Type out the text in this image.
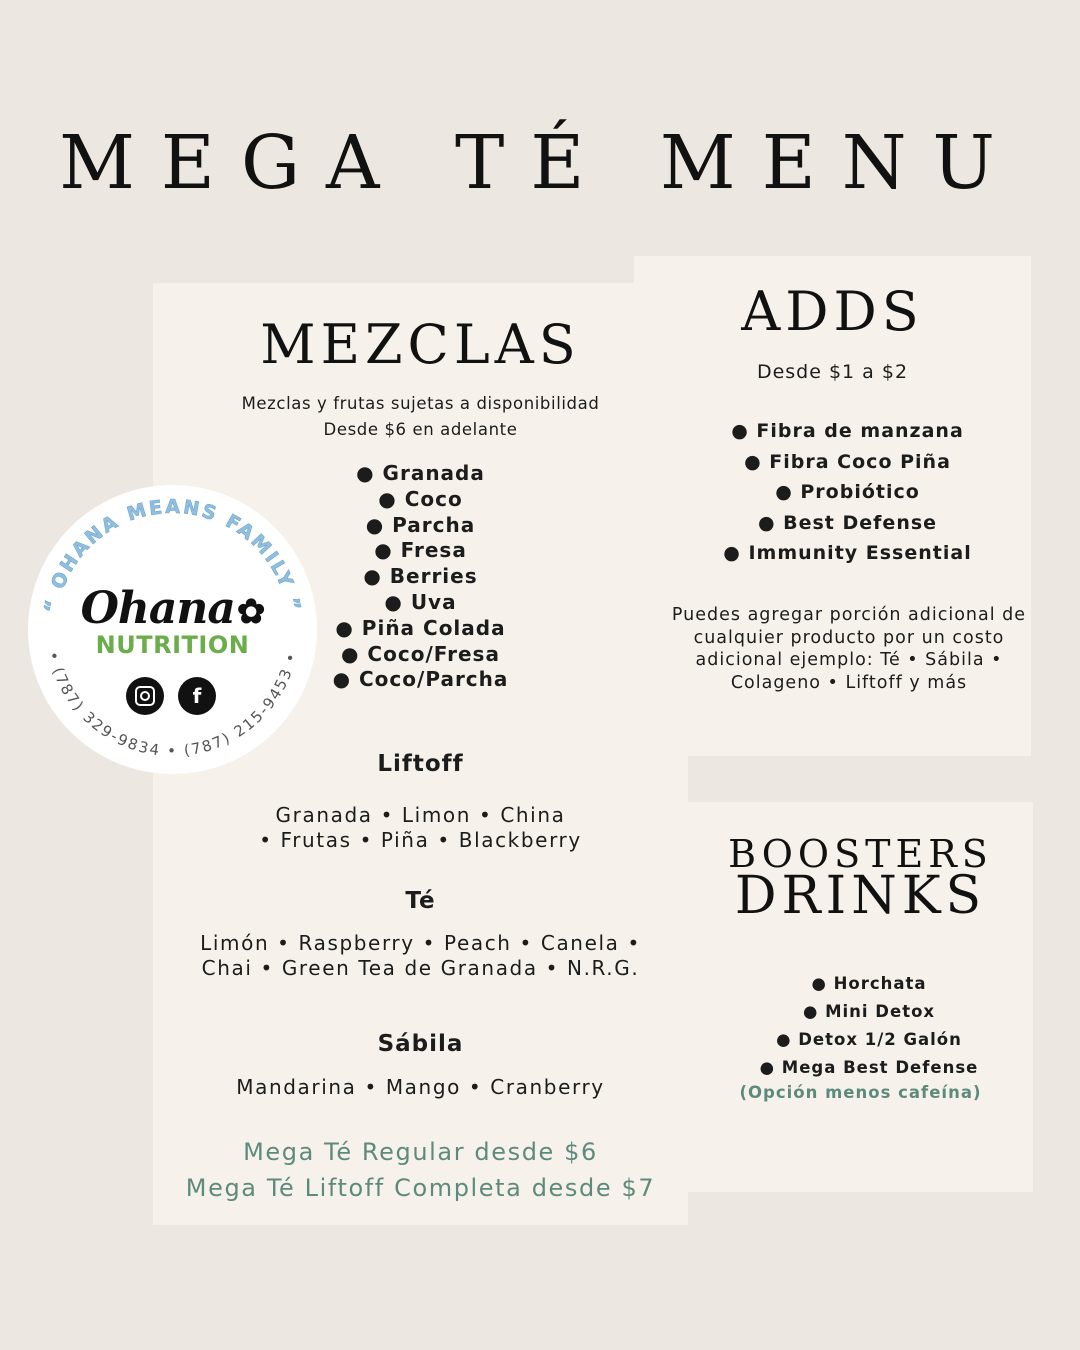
MEGA TÉ MENU
MEZCLAS
Mezclas y frutas sujetas a disponibilidad
Desde $6 en adelante
● Granada
● Coco
● Parcha
● Fresa
● Berries
● Uva
● Piña Colada
● Coco/Fresa
● Coco/Parcha
Liftoff
Granada • Limon • China
• Frutas • Piña • Blackberry
Té
Limón • Raspberry • Peach • Canela • Chai • Green Tea de Granada • N.R.G.
Sábila
Mandarina • Mango • Cranberry
Mega Té Regular desde $6
Mega Té Liftoff Completa desde $7
ADDS
Desde $1 a $2
● Fibra de manzana
● Fibra Coco Piña
● Probiótico
● Best Defense
● Immunity Essential
Puedes agregar porción adicional de cualquier producto por un costo adicional ejemplo: Té • Sábila • Colageno • Liftoff y más
BOOSTERS
DRINKS
● Horchata
● Mini Detox
● Detox 1/2 Galón
● Mega Best Defense
(Opción menos cafeína)
“ OHANA MEANS FAMILY ”
• (787) 329-9834 • (787) 215-9453 •
Ohana✿
NUTRITION
f
